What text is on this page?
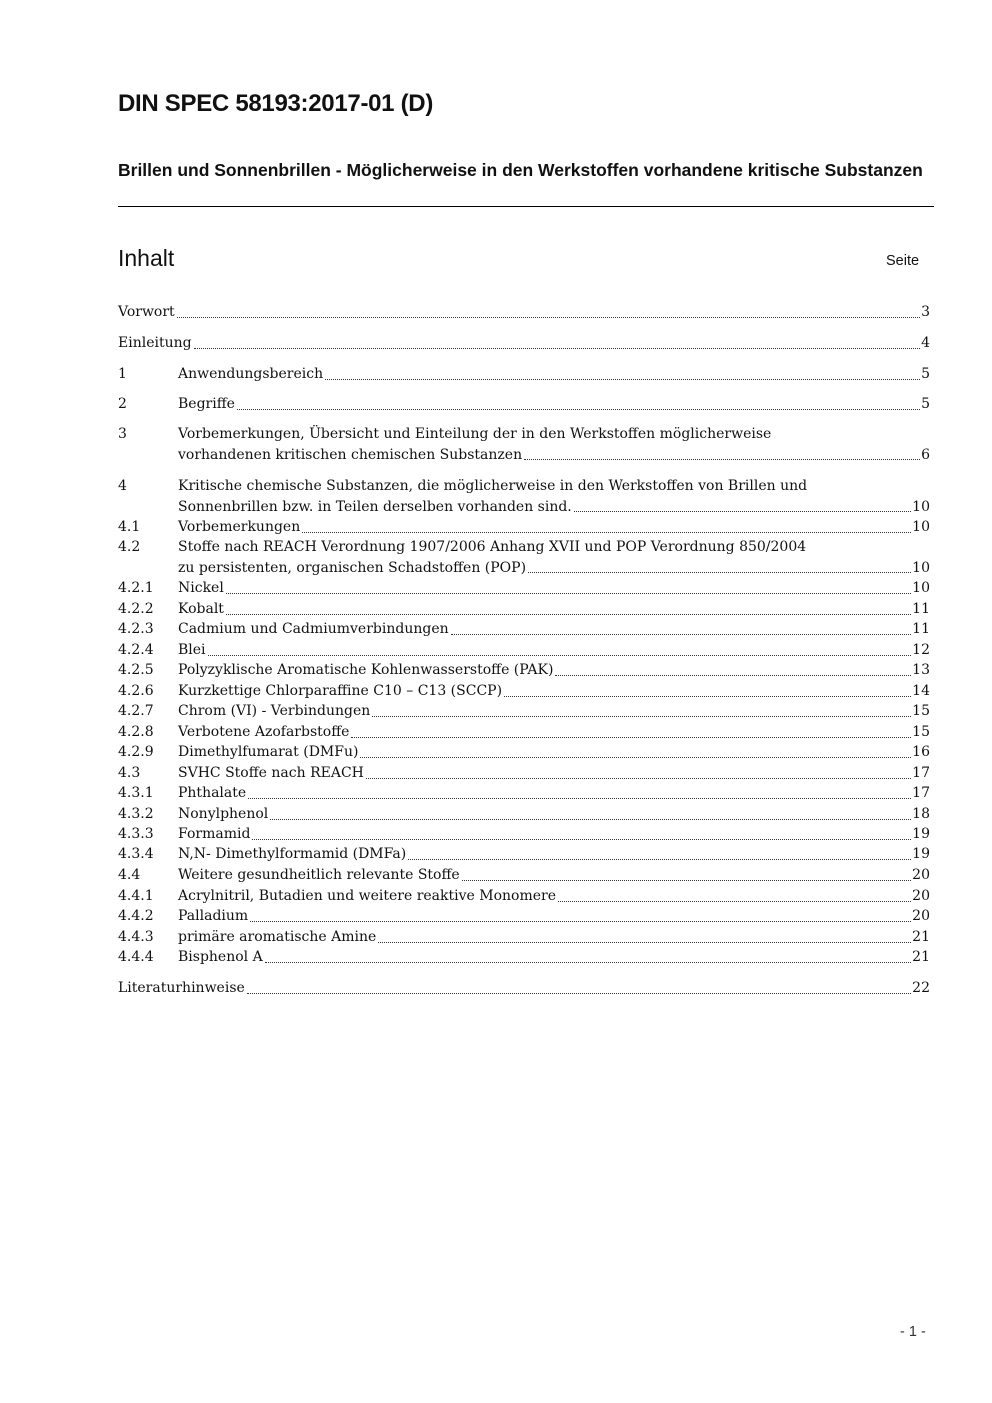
DIN SPEC 58193:2017-01 (D)
Brillen und Sonnenbrillen - Möglicherweise in den Werkstoffen vorhandene kritische Substanzen
Inhalt	Seite
Vorwort	3
Einleitung	4
1	Anwendungsbereich	5
2	Begriffe	5
3	Vorbemerkungen, Übersicht und Einteilung der in den Werkstoffen möglicherweise
vorhandenen kritischen chemischen Substanzen	6
4	Kritische chemische Substanzen, die möglicherweise in den Werkstoffen von Brillen und
Sonnenbrillen bzw. in Teilen derselben vorhanden sind.	10
4.1	Vorbemerkungen	10
4.2	Stoffe nach REACH Verordnung 1907/2006 Anhang XVII und POP Verordnung 850/2004
zu persistenten, organischen Schadstoffen (POP)	10
4.2.1 Nickel	10
4.2.2 Kobalt	11
4.2.3 Cadmium und Cadmiumverbindungen	11
4.2.4 Blei	12
4.2.5 Polyzyklische Aromatische Kohlenwasserstoffe (PAK)	13
4.2.6 Kurzkettige Chlorparaffine C10 – C13 (SCCP)	14
4.2.7 Chrom (VI) - Verbindungen	15
4.2.8 Verbotene Azofarbstoffe	15
4.2.9 Dimethylfumarat (DMFu)	16
4.3	SVHC Stoffe nach REACH	17
4.3.1 Phthalate	17
4.3.2 Nonylphenol	18
4.3.3 Formamid	19
4.3.4 N,N- Dimethylformamid (DMFa)	19
4.4	Weitere gesundheitlich relevante Stoffe	20
4.4.1 Acrylnitril, Butadien und weitere reaktive Monomere	20
4.4.2 Palladium	20
4.4.3 primäre aromatische Amine	21
4.4.4 Bisphenol A	21
Literaturhinweise	22
- 1 -
